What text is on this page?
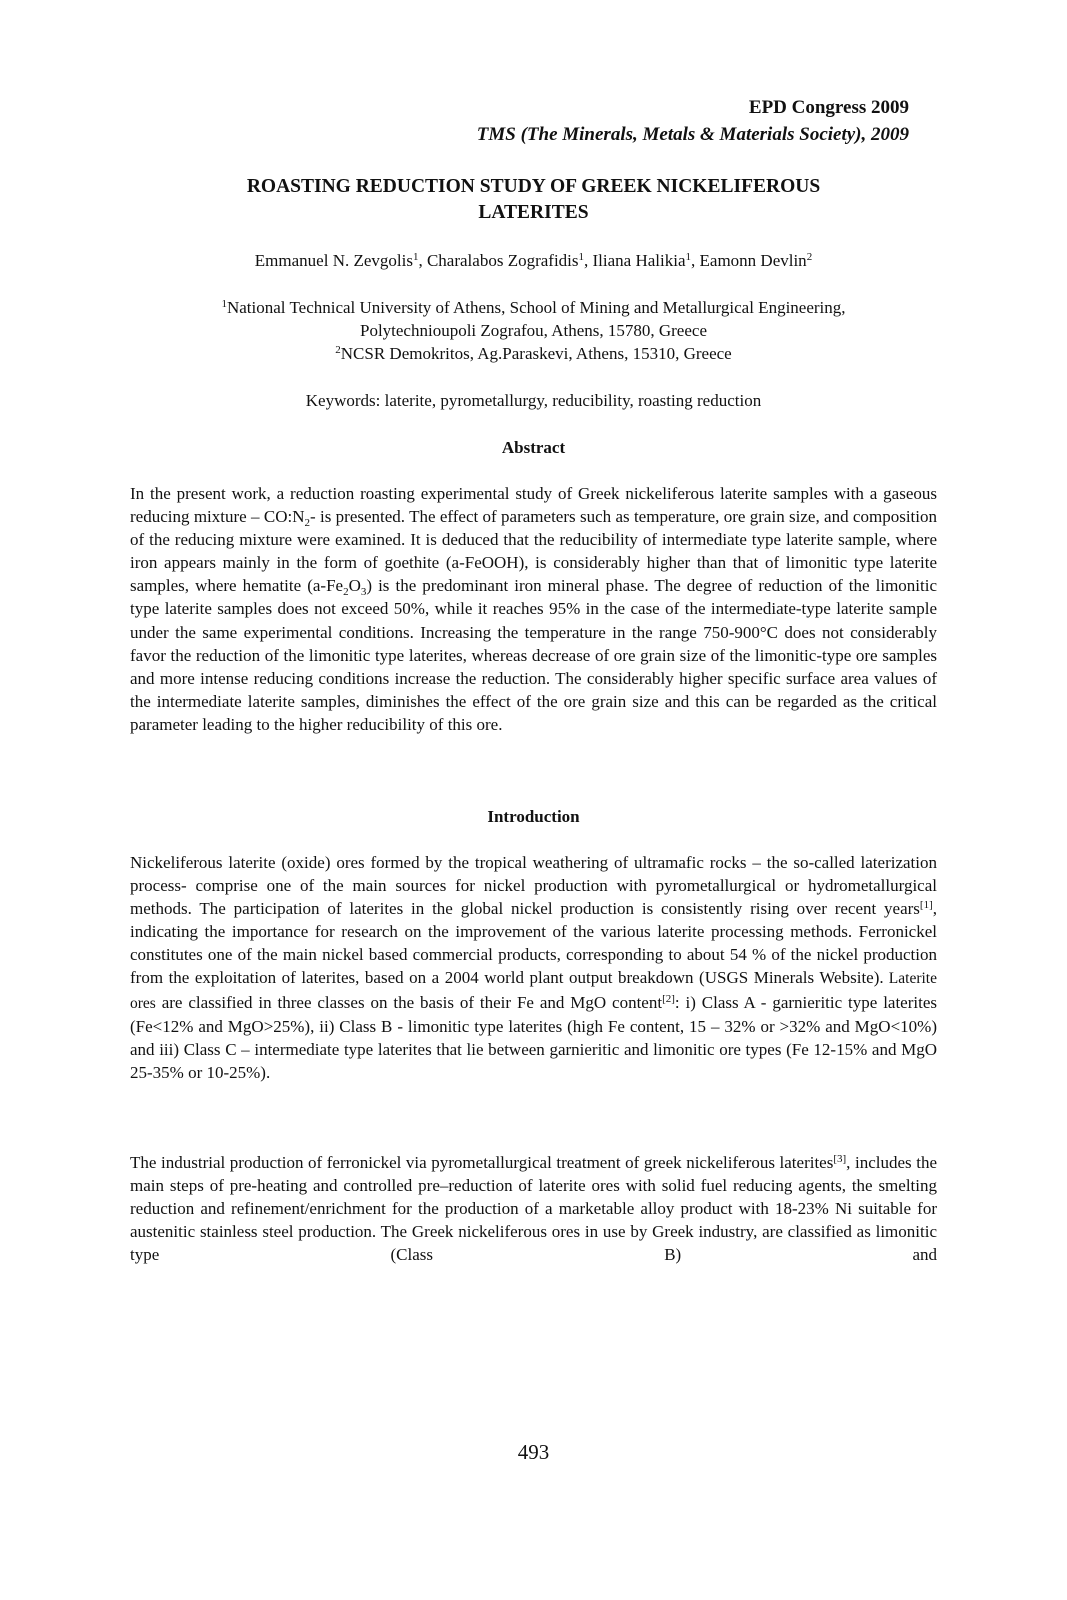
EPD Congress 2009
TMS (The Minerals, Metals & Materials Society), 2009
ROASTING REDUCTION STUDY OF GREEK NICKELIFEROUS
LATERITES
Emmanuel N. Zevgolis$^1$, Charalabos Zografidis$^1$, Iliana Halikia$^1$, Eamonn Devlin$^2$
$^1$National Technical University of Athens, School of Mining and Metallurgical Engineering,
Polytechnioupoli Zografou, Athens, 15780, Greece
$^2$NCSR Demokritos, Ag.Paraskevi, Athens, 15310, Greece
Keywords: laterite, pyrometallurgy, reducibility, roasting reduction
Abstract
In the present work, a reduction roasting experimental study of Greek nickeliferous laterite samples with a gaseous reducing mixture – $CO:N_2-$ is presented. The effect of parameters such as temperature, ore grain size, and composition of the reducing mixture were examined. It is deduced that the reducibility of intermediate type laterite sample, where iron appears mainly in the form of goethite (a-FeOOH), is considerably higher than that of limonitic type laterite samples, where hematite $(a-Fe_2O_3)$ is the predominant iron mineral phase. The degree of reduction of the limonitic type laterite samples does not exceed 50%, while it reaches 95% in the case of the intermediate-type laterite sample under the same experimental conditions. Increasing the temperature in the range 750-900°C does not considerably favor the reduction of the limonitic type laterites, whereas decrease of ore grain size of the limonitic-type ore samples and more intense reducing conditions increase the reduction. The considerably higher specific surface area values of the intermediate laterite samples, diminishes the effect of the ore grain size and this can be regarded as the critical parameter leading to the higher reducibility of this ore.
Introduction
Nickeliferous laterite (oxide) ores formed by the tropical weathering of ultramafic rocks – the so-called laterization process- comprise one of the main sources for nickel production with pyrometallurgical or hydrometallurgical methods. The participation of laterites in the global nickel production is consistently rising over recent years[1], indicating the importance for research on the improvement of the various laterite processing methods. Ferronickel constitutes one of the main nickel based commercial products, corresponding to about 54 % of the nickel production from the exploitation of laterites, based on a 2004 world plant output breakdown (USGS Minerals Website). Laterite ores are classified in three classes on the basis of their Fe and MgO content[2]: i) Class A - garnieritic type laterites (Fe<12% and MgO>25%), ii) Class B - limonitic type laterites (high Fe content, 15 – 32% or >32% and MgO<10%) and iii) Class C – intermediate type laterites that lie between garnieritic and limonitic ore types (Fe 12-15% and MgO 25-35% or 10-25%).
The industrial production of ferronickel via pyrometallurgical treatment of greek nickeliferous laterites[3], includes the main steps of pre-heating and controlled pre–reduction of laterite ores with solid fuel reducing agents, the smelting reduction and refinement/enrichment for the production of a marketable alloy product with 18-23% Ni suitable for austenitic stainless steel production. The Greek nickeliferous ores in use by Greek industry, are classified as limonitic type (Class B) and
493
